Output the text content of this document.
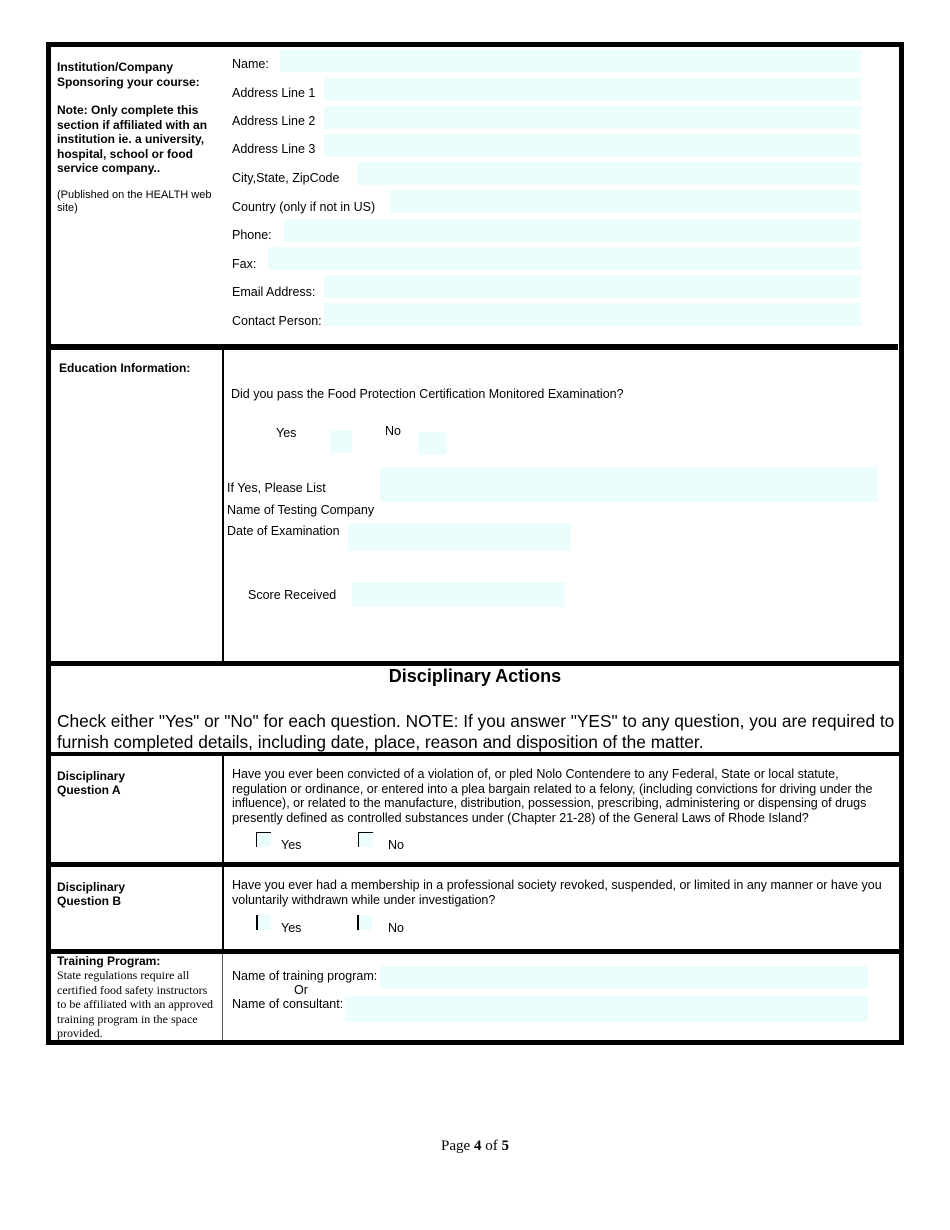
Institution/Company Sponsoring your course:
Note: Only complete this section if affiliated with an institution ie. a university, hospital, school or food service company..
(Published on the HEALTH web site)
Name:
Address Line 1
Address Line 2
Address Line 3
City,State, ZipCode
Country (only if not in US)
Phone:
Fax:
Email Address:
Contact Person:
Education Information:
Did you pass the Food Protection Certification Monitored Examination?
Yes	No
If Yes, Please List
Name of Testing Company
Date of Examination
Score Received
Disciplinary Actions
Check either "Yes" or "No" for each question. NOTE: If you answer "YES" to any question, you are required to furnish completed details, including date, place, reason and disposition of the matter.
Disciplinary
Question A
Have you ever been convicted of a violation of, or pled Nolo Contendere to any Federal, State or local statute, regulation or ordinance, or entered into a plea bargain related to a felony, (including convictions for driving under the influence), or related to the manufacture, distribution, possession, prescribing, administering or dispensing of drugs presently defined as controlled substances under (Chapter 21-28) of the General Laws of Rhode Island?
Yes	No
Disciplinary
Question B
Have you ever had a membership in a professional society revoked, suspended, or limited in any manner or have you voluntarily withdrawn while under investigation?
Yes	No
Training Program:
State regulations require all certified food safety instructors to be affiliated with an approved training program in the space provided.
Name of training program:
Or
Name of consultant:
Page 4 of 5
